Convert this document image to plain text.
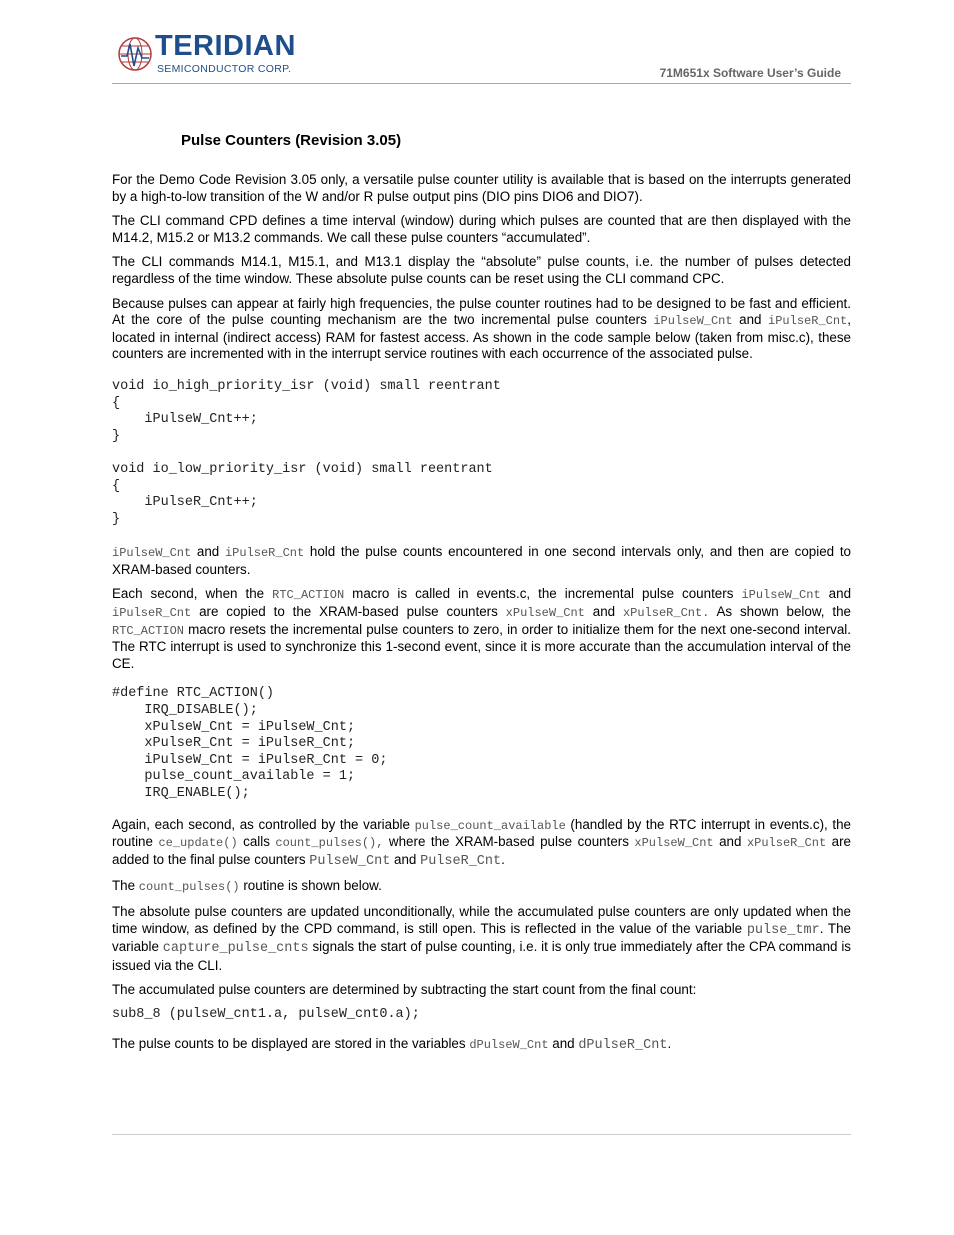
TERIDIAN
SEMICONDUCTOR CORP.	71M651x Software User’s Guide
Pulse Counters (Revision 3.05)

For the Demo Code Revision 3.05 only, a versatile pulse counter utility is available that is based on the interrupts generated by a high-to-low transition of the W and/or R pulse output pins (DIO pins DIO6 and DIO7).

The CLI command CPD defines a time interval (window) during which pulses are counted that are then displayed with the M14.2, M15.2 or M13.2 commands. We call these pulse counters “accumulated”.

The CLI commands M14.1, M15.1, and M13.1 display the “absolute” pulse counts, i.e. the number of pulses detected regardless of the time window. These absolute pulse counts can be reset using the CLI command CPC.

Because pulses can appear at fairly high frequencies, the pulse counter routines had to be designed to be fast and efficient. At the core of the pulse counting mechanism are the two incremental pulse counters iPulseW_Cnt and iPulseR_Cnt, located in internal (indirect access) RAM for fastest access. As shown in the code sample below (taken from misc.c), these counters are incremented with in the interrupt service routines with each occurrence of the associated pulse.

void io_high_priority_isr (void) small reentrant
{
iPulseW_Cnt++;
}

void io_low_priority_isr (void) small reentrant
{
iPulseR_Cnt++;
}

iPulseW_Cnt and iPulseR_Cnt hold the pulse counts encountered in one second intervals only, and then are copied to XRAM-based counters.

Each second, when the RTC_ACTION macro is called in events.c, the incremental pulse counters iPulseW_Cnt and iPulseR_Cnt are copied to the XRAM-based pulse counters xPulseW_Cnt and xPulseR_Cnt. As shown below, the RTC_ACTION macro resets the incremental pulse counters to zero, in order to initialize them for the next one-second interval. The RTC interrupt is used to synchronize this 1-second event, since it is more accurate than the accumulation interval of the CE.

#define RTC_ACTION()
IRQ_DISABLE();
xPulseW_Cnt = iPulseW_Cnt;
xPulseR_Cnt = iPulseR_Cnt;
iPulseW_Cnt = iPulseR_Cnt = 0;
pulse_count_available = 1;
IRQ_ENABLE();

Again, each second, as controlled by the variable pulse_count_available (handled by the RTC interrupt in events.c), the routine ce_update() calls count_pulses(), where the XRAM-based pulse counters xPulseW_Cnt and xPulseR_Cnt are added to the final pulse counters PulseW_Cnt and PulseR_Cnt.

The count_pulses() routine is shown below.

The absolute pulse counters are updated unconditionally, while the accumulated pulse counters are only updated when the time window, as defined by the CPD command, is still open. This is reflected in the value of the variable pulse_tmr. The variable capture_pulse_cnts signals the start of pulse counting, i.e. it is only true immediately after the CPA command is issued via the CLI.

The accumulated pulse counters are determined by subtracting the start count from the final count:

sub8_8 (pulseW_cnt1.a, pulseW_cnt0.a);

The pulse counts to be displayed are stored in the variables dPulseW_Cnt and dPulseR_Cnt.
